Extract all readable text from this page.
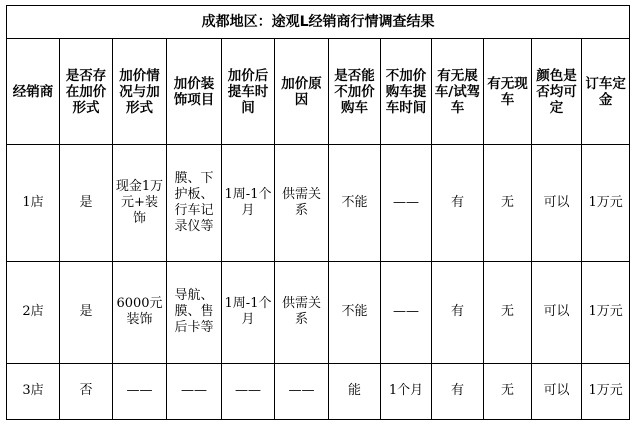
成都地区：途观L经销商行情调查结果											
经销商	是否存在加价形式	加价情况与加形式	加价装饰项目	加价后提车时间	加价原因	是否能不加价购车	不加价购车提车时间	有无展车/试驾车	有无现车	颜色是否均可定	订车定金
1店	是	现金1万元+装饰	膜、下护板、行车记录仪等	1周-1个月	供需关系	不能	——	有	无	可以	1万元
2店	是	6000元装饰	导航、膜、售后卡等	1周-1个月	供需关系	不能	——	有	无	可以	1万元
3店	否	——	——	——	——	能	1个月	有	无	可以	1万元
